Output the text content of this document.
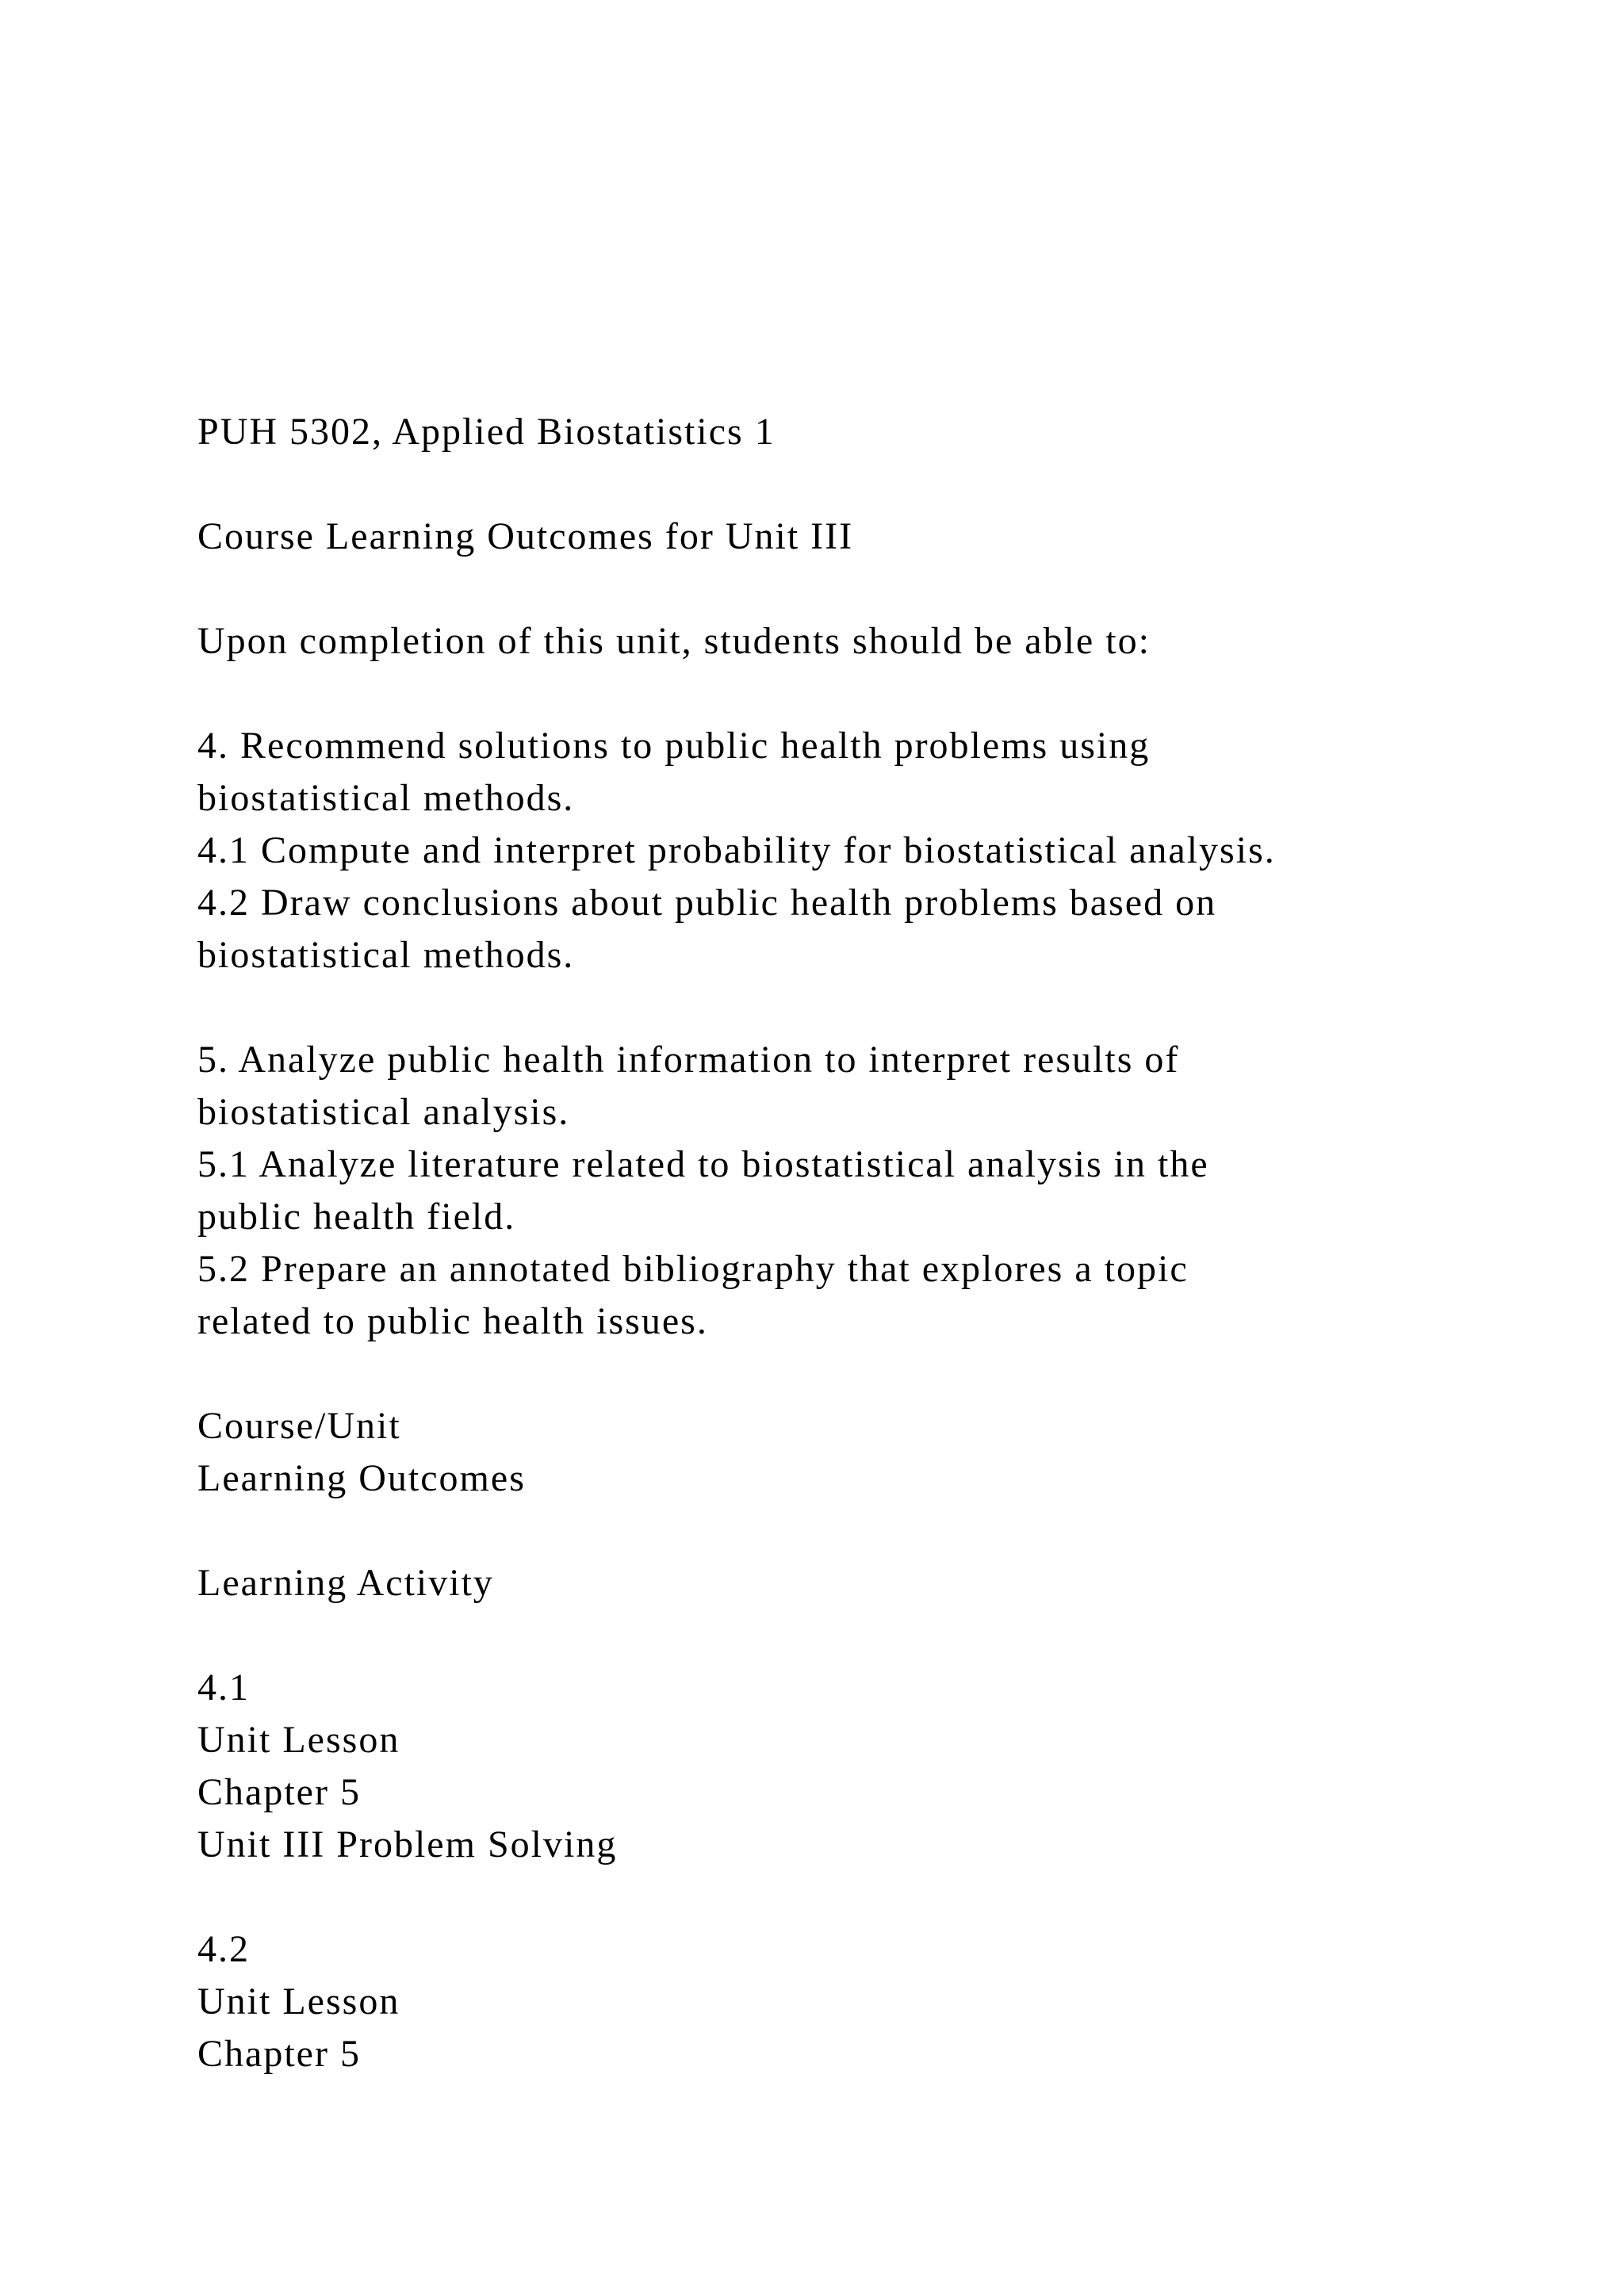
PUH 5302, Applied Biostatistics 1
Course Learning Outcomes for Unit III
Upon completion of this unit, students should be able to:
4. Recommend solutions to public health problems using
biostatistical methods.
4.1 Compute and interpret probability for biostatistical analysis.
4.2 Draw conclusions about public health problems based on
biostatistical methods.
5. Analyze public health information to interpret results of
biostatistical analysis.
5.1 Analyze literature related to biostatistical analysis in the
public health field.
5.2 Prepare an annotated bibliography that explores a topic
related to public health issues.
Course/Unit
Learning Outcomes
Learning Activity
4.1
Unit Lesson
Chapter 5
Unit III Problem Solving
4.2
Unit Lesson
Chapter 5
